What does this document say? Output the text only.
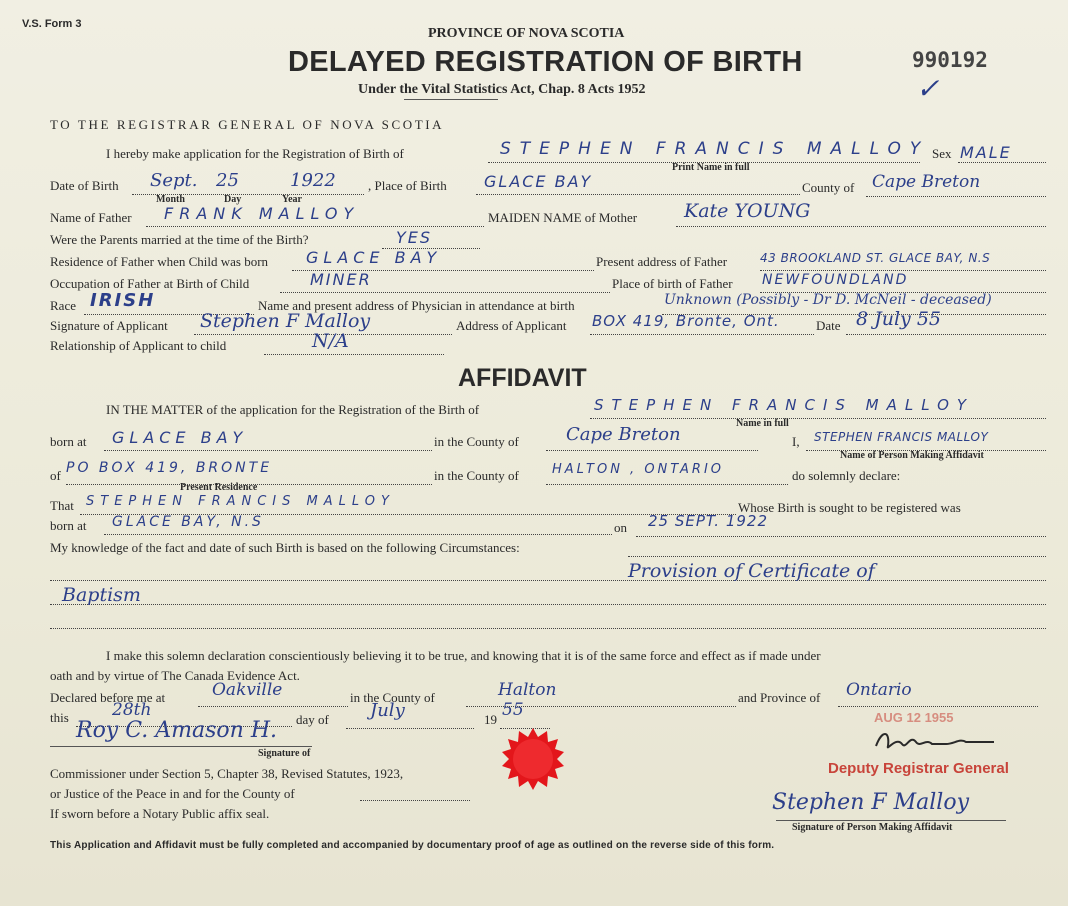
V.S. Form 3
PROVINCE OF NOVA SCOTIA
DELAYED REGISTRATION OF BIRTH
Under the Vital Statistics Act, Chap. 8 Acts 1952
990192
✓
TO THE REGISTRAR GENERAL OF NOVA SCOTIA
I hereby make application for the Registration of Birth of	STEPHEN FRANCIS MALLOY
Print Name in full
Sex MALE
Date of Birth Sept. 25	1922
Month	Day	Year
, Place of Birth GLACE BAY	County of Cape Breton
Name of Father FRANK MALLOY	MAIDEN NAME of Mother Kate YOUNG
Were the Parents married at the time of the Birth?	YES
Residence of Father when Child was born GLACE BAY	Present address of Father	43 BROOKLAND ST. GLACE BAY, N.S
Occupation of Father at Birth of Child	MINER	Place of birth of Father NEWFOUNDLAND
Race IRISH	Name and present address of Physician in attendance at birth	Unknown (Possibly - Dr D. McNeil - deceased)
Signature of Applicant Stephen F Malloy	Address of Applicant BOX 419, Bronte, Ont.	Date 8 July 55
Relationship of Applicant to child	N/A
AFFIDAVIT
IN THE MATTER of the application for the Registration of the Birth of	STEPHEN FRANCIS MALLOY
Name in full
born at GLACE BAY	in the County of	Cape Breton	I, STEPHEN FRANCIS MALLOY
Name of Person Making Affidavit
of PO BOX 419, BRONTE
Present Residence
in the County of	HALTON , ONTARIO	do solemnly declare:
That STEPHEN FRANCIS MALLOY	Whose Birth is sought to be registered was
born at GLACE BAY, N.S	on 25 SEPT. 1922
My knowledge of the fact and date of such Birth is based on the following Circumstances:
Provision of Certificate of
Baptism
I make this solemn declaration conscientiously believing it to be true, and knowing that it is of the same force and effect as if made under
oath and by virtue of The Canada Evidence Act.
Declared before me at	Oakville	in the County of	Halton	and Province of Ontario
this	28th	day of July	19 55
Roy C. Amason H.
Signature of
Commissioner under Section 5, Chapter 38, Revised Statutes, 1923,
or Justice of the Peace in and for the County of
If sworn before a Notary Public affix seal.
AUG 12 1955
Deputy Registrar General
Stephen F Malloy
Signature of Person Making Affidavit
This Application and Affidavit must be fully completed and accompanied by documentary proof of age as outlined on the reverse side of this form.
